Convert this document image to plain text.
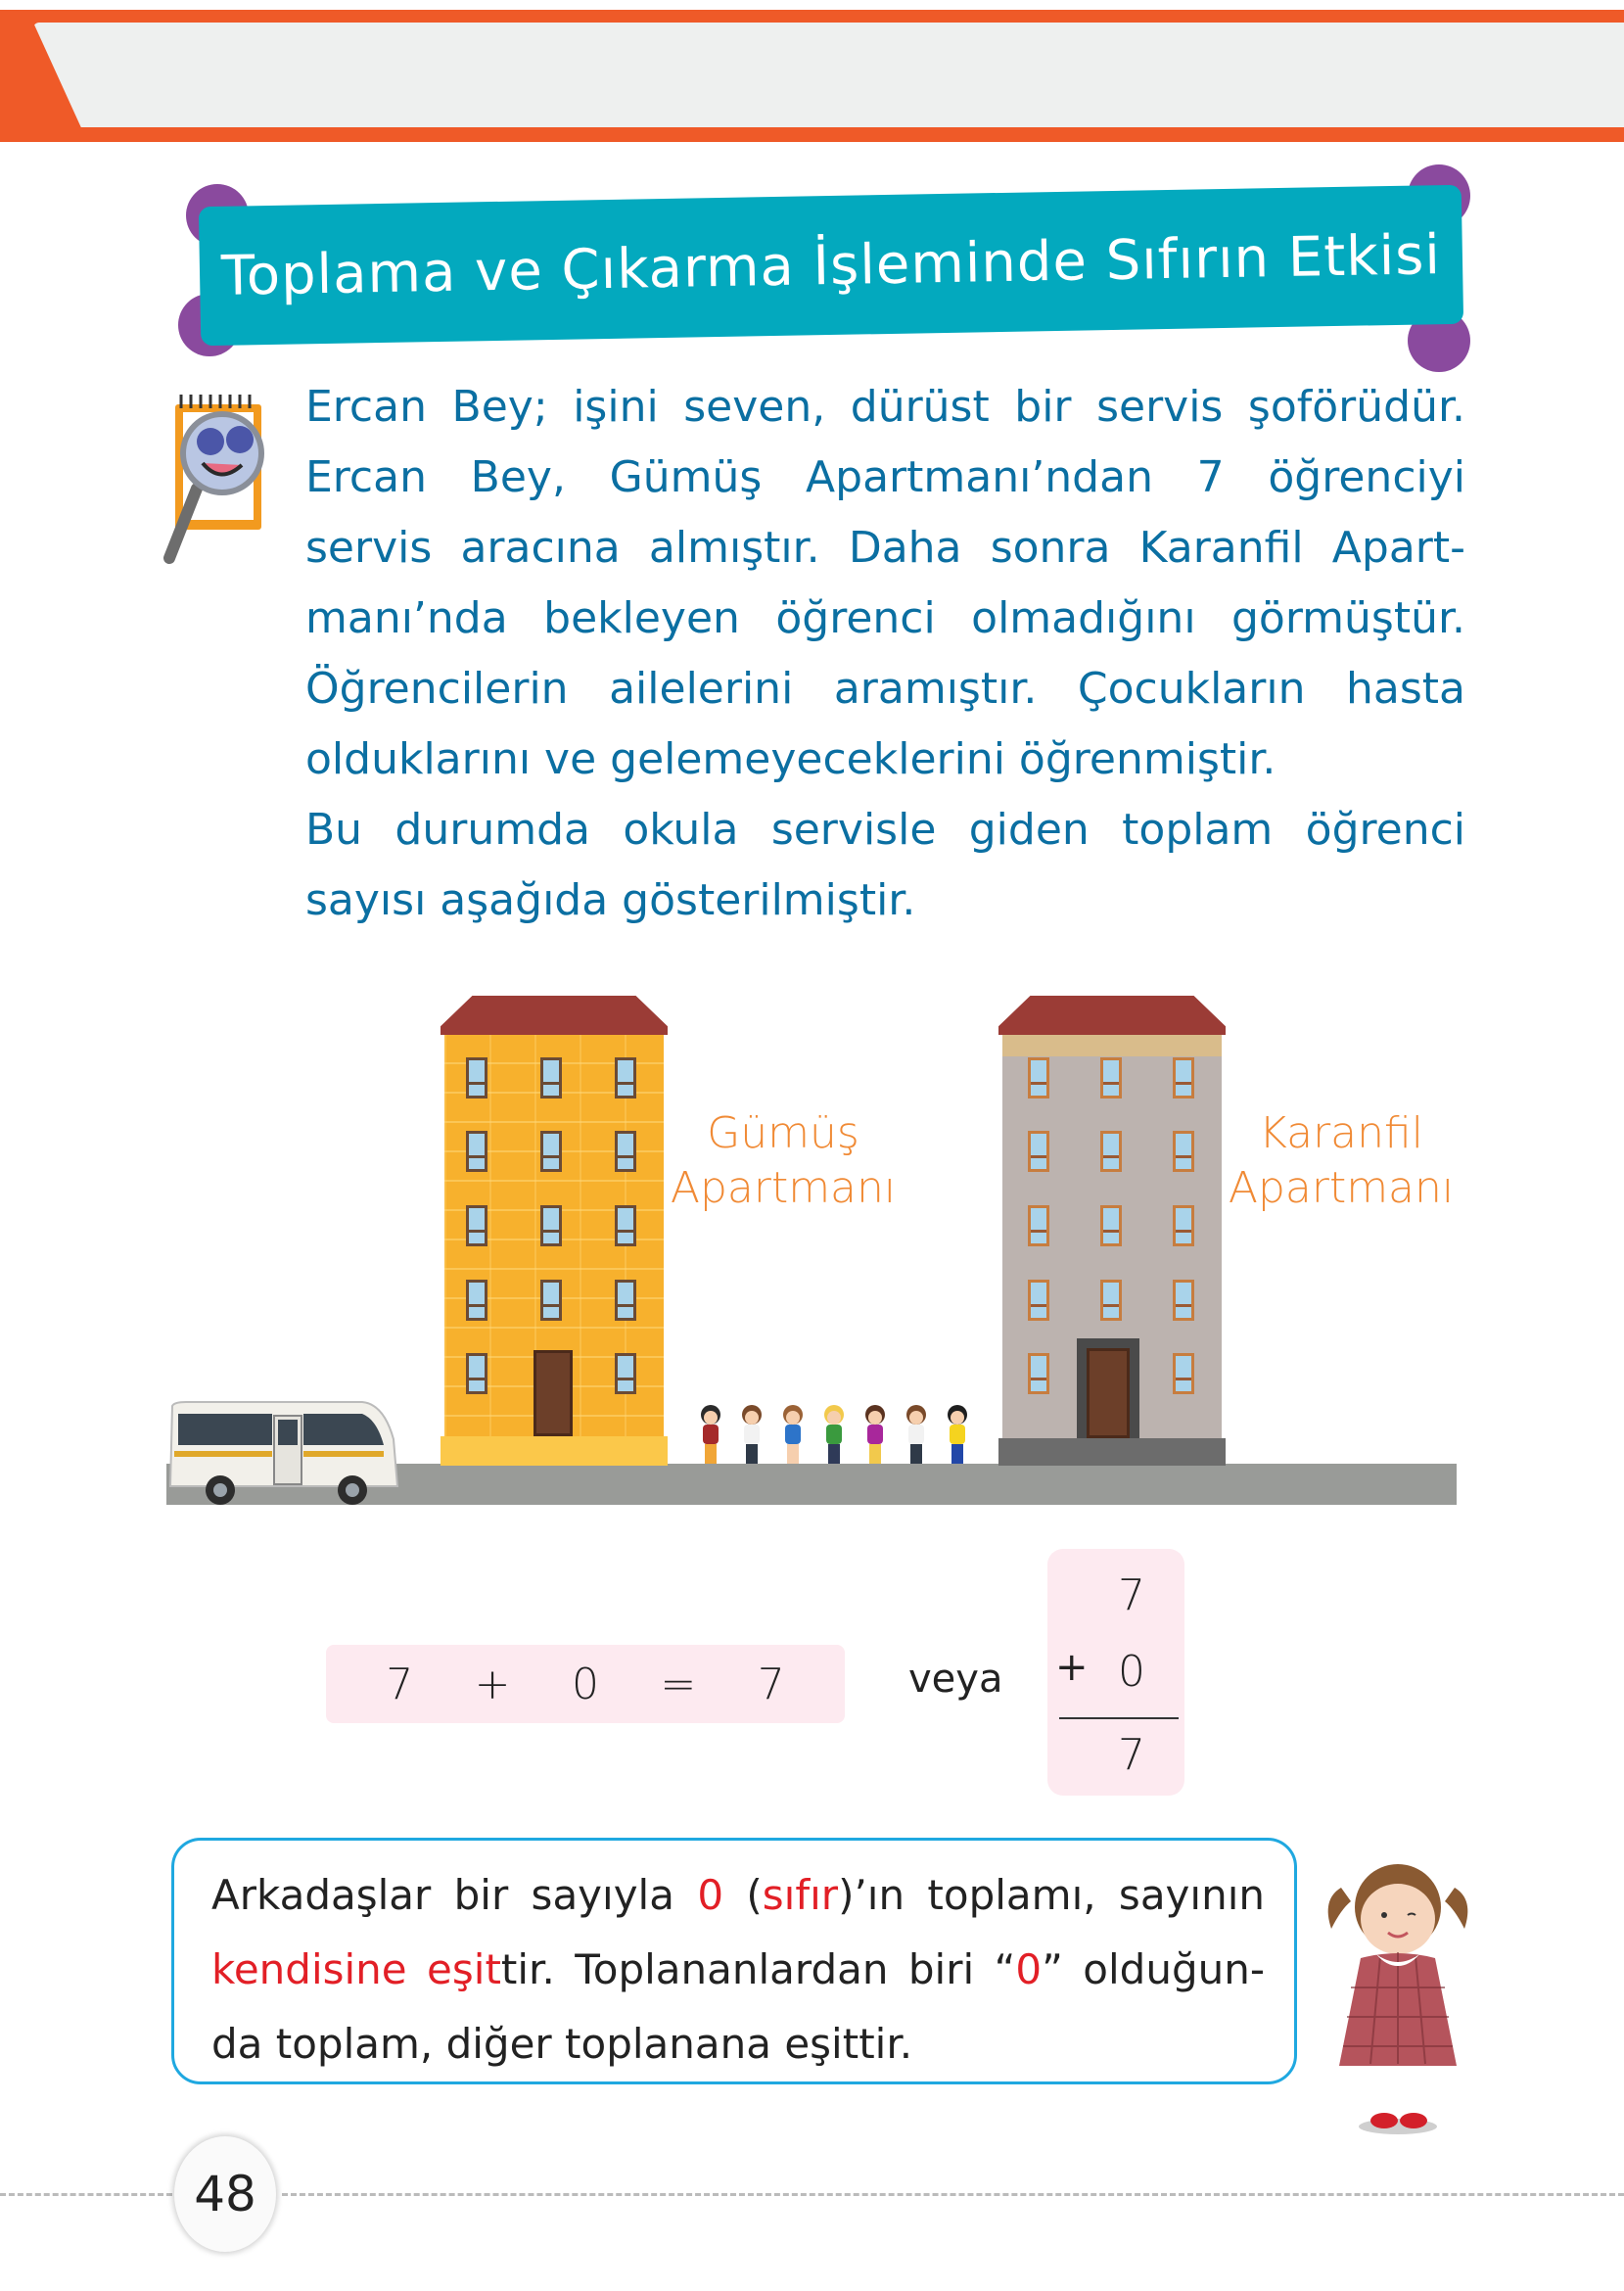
Toplama ve Çıkarma İşleminde Sıfırın Etkisi
Ercan Bey; işini seven, dürüst bir servis şoförüdür.
Ercan Bey, Gümüş Apartmanı’ndan 7 öğrenciyi
servis aracına almıştır. Daha sonra Karanfil Apart-
manı’nda bekleyen öğrenci olmadığını görmüştür.
Öğrencilerin ailelerini aramıştır. Çocukların hasta
olduklarını ve gelemeyeceklerini öğrenmiştir.
Bu durumda okula servisle giden toplam öğrenci
sayısı aşağıda gösterilmiştir.
Gümüş
Apartmanı
Karanfil
Apartmanı
7 + 0 = 7	veya
7
+ 0
7
Arkadaşlar bir sayıyla 0 (sıfır)’ın toplamı, sayının
kendisine eşittir. Toplananlardan biri “0” olduğun-
da toplam, diğer toplanana eşittir.
48
